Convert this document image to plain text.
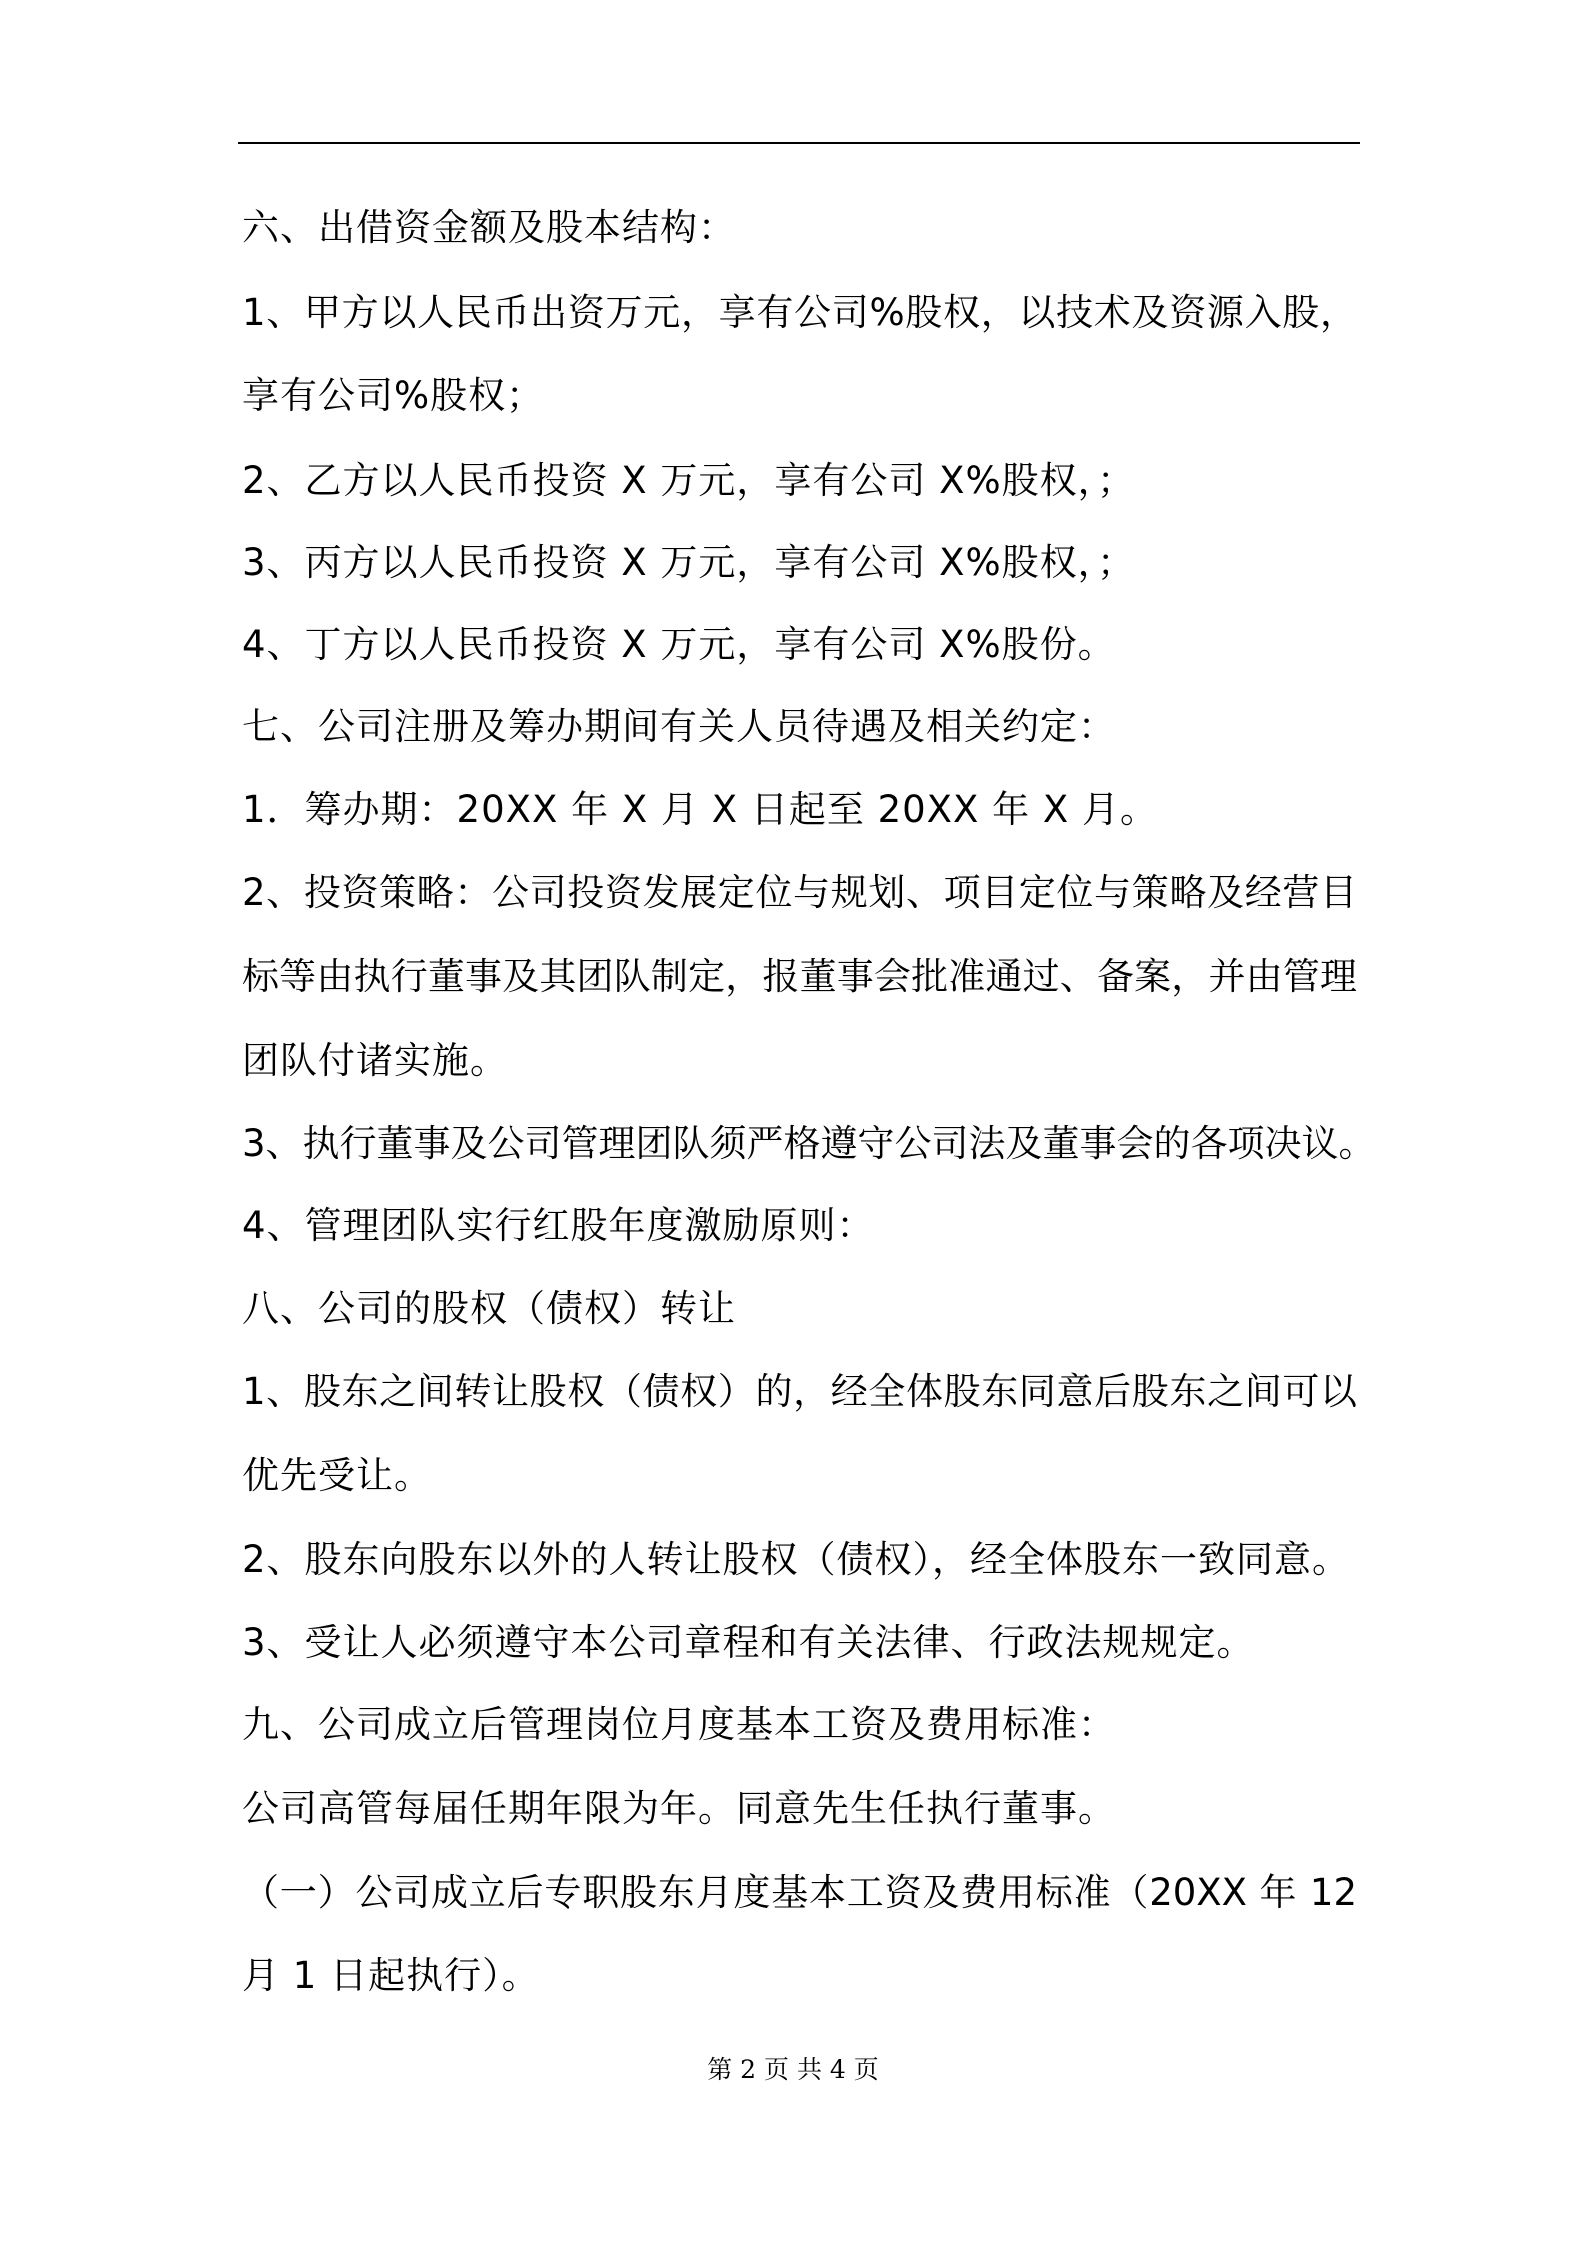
六、出借资金额及股本结构：
1、甲方以人民币出资万元，享有公司%股权，以技术及资源入股，
享有公司%股权；
2、乙方以人民币投资 X 万元，享有公司 X%股权，；
3、丙方以人民币投资 X 万元，享有公司 X%股权，；
4、丁方以人民币投资 X 万元，享有公司 X%股份。
七、公司注册及筹办期间有关人员待遇及相关约定：
1．筹办期：20XX 年 X 月 X 日起至 20XX 年 X 月。
2、投资策略：公司投资发展定位与规划、项目定位与策略及经营目
标等由执行董事及其团队制定，报董事会批准通过、备案，并由管理
团队付诸实施。
3、执行董事及公司管理团队须严格遵守公司法及董事会的各项决议。
4、管理团队实行红股年度激励原则：
八、公司的股权（债权）转让
1、股东之间转让股权（债权）的，经全体股东同意后股东之间可以
优先受让。
2、股东向股东以外的人转让股权（债权），经全体股东一致同意。
3、受让人必须遵守本公司章程和有关法律、行政法规规定。
九、公司成立后管理岗位月度基本工资及费用标准：
公司高管每届任期年限为年。同意先生任执行董事。
（一）公司成立后专职股东月度基本工资及费用标准（20XX 年 12
月 1 日起执行）。
第 2 页 共 4 页
